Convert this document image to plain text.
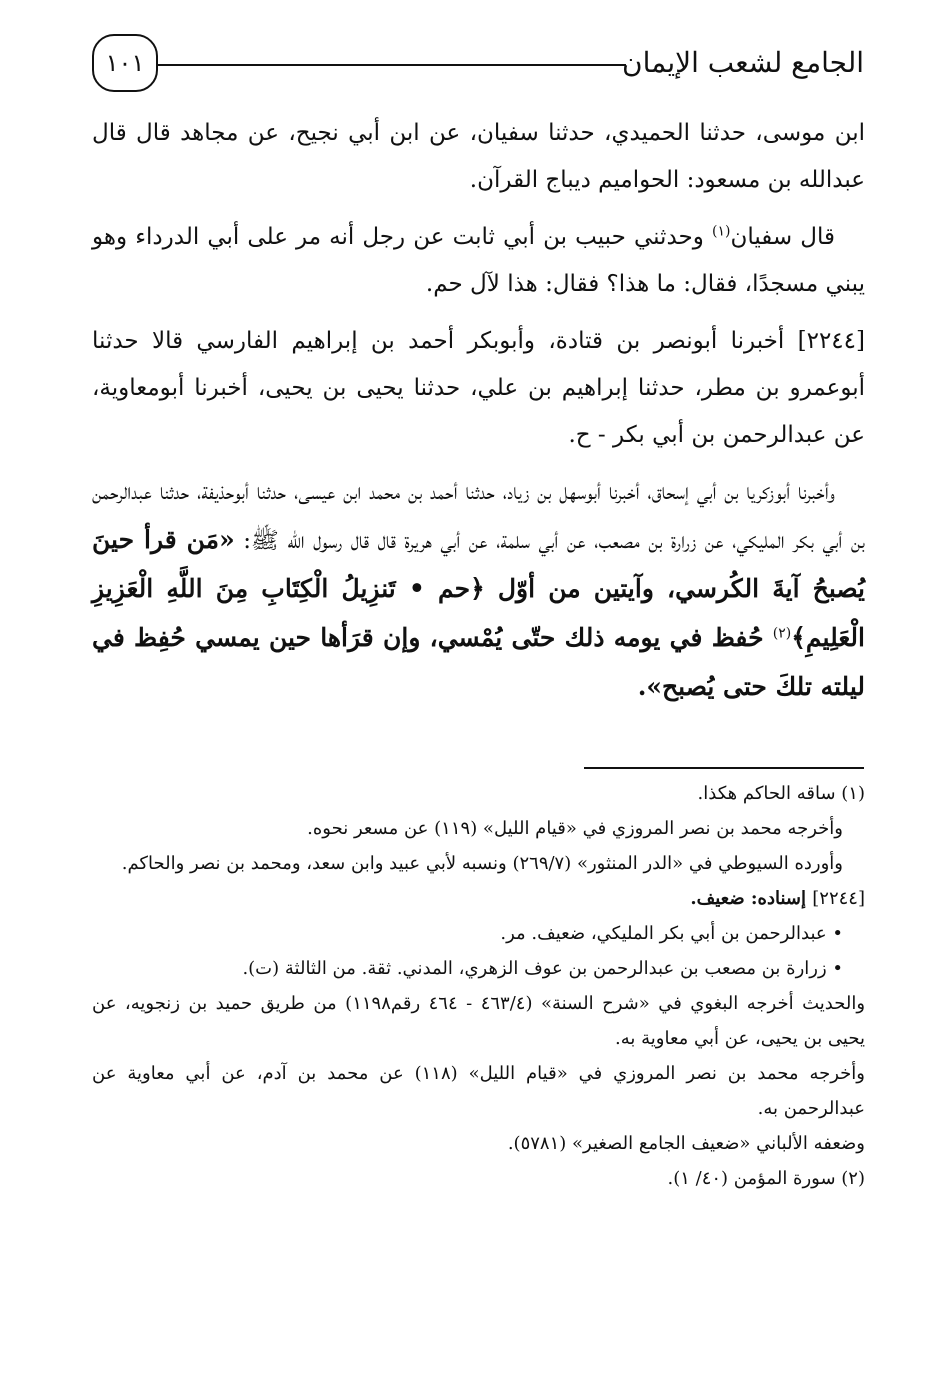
١٠١	الجامع لشعب الإيمان

ابن موسى، حدثنا الحميدي، حدثنا سفيان، عن ابن أبي نجيح، عن مجاهد قال قال عبدالله بن مسعود: الحواميم ديباج القرآن.

قال سفيان$^{(١)}$ وحدثني حبيب بن أبي ثابت عن رجل أنه مر على أبي الدرداء وهو يبني مسجدًا، فقال: ما هذا؟ فقال: هذا لآل حم.

[٢٢٤٤] أخبرنا أبونصر بن قتادة، وأبوبكر أحمد بن إبراهيم الفارسي قالا حدثنا أبوعمرو بن مطر، حدثنا إبراهيم بن علي، حدثنا يحيى بن يحيى، أخبرنا أبومعاوية، عن عبدالرحمن بن أبي بكر - ح.

وأخبرنا أبوزكريا بن أبي إسحاق، أخبرنا أبوسهل بن زياد، حدثنا أحمد بن محمد ابن عيسى، حدثنا أبوحذيفة، حدثنا عبدالرحمن بن أبي بكر المليكي، عن زرارة بن مصعب، عن أبي سلمة، عن أبي هريرة قال قال رسول الله ﷺ: «مَن قرأ حينَ يُصبحُ آيةَ الكُرسي، وآيتين من أوّل ﴿حم • تَنزِيلُ الْكِتَابِ مِنَ اللَّهِ الْعَزِيزِ الْعَلِيمِ﴾$^{(٢)}$ حُفظ في يومه ذلك حتّى يُمْسي، وإن قرَأها حين يمسي حُفِظ في ليلته تلكَ حتى يُصبح».

(١) ساقه الحاكم هكذا.

وأخرجه محمد بن نصر المروزي في «قيام الليل» (١١٩) عن مسعر نحوه.

وأورده السيوطي في «الدر المنثور» (٢٦٩/٧) ونسبه لأبي عبيد وابن سعد، ومحمد بن نصر والحاكم.

[٢٢٤٤] إسناده: ضعيف.

• عبدالرحمن بن أبي بكر المليكي، ضعيف. مر.

• زرارة بن مصعب بن عبدالرحمن بن عوف الزهري، المدني. ثقة. من الثالثة (ت).

والحديث أخرجه البغوي في «شرح السنة» (٤٦٣/٤ - ٤٦٤ رقم١١٩٨) من طريق حميد بن زنجويه، عن يحيى بن يحيى، عن أبي معاوية به.

وأخرجه محمد بن نصر المروزي في «قيام الليل» (١١٨) عن محمد بن آدم، عن أبي معاوية عن عبدالرحمن به.

وضعفه الألباني «ضعيف الجامع الصغير» (٥٧٨١).

(٢) سورة المؤمن (٤٠/ ١).
